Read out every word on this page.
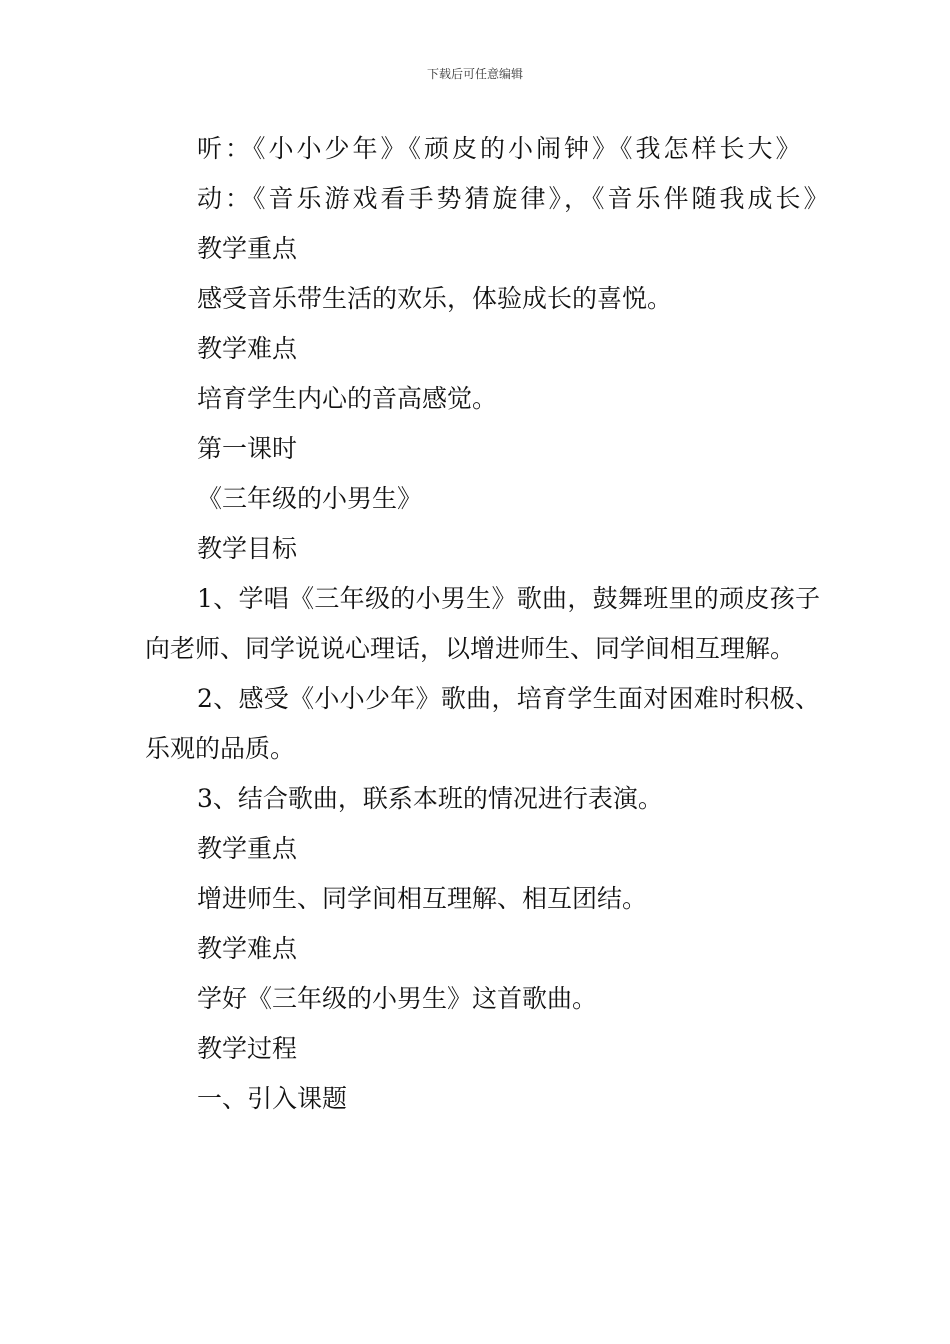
下载后可任意编辑

听：《小小少年》《顽皮的小闹钟》《我怎样长大》

动：《音乐游戏看手势猜旋律》，《音乐伴随我成长》

教学重点

感受音乐带生活的欢乐，体验成长的喜悦。

教学难点

培育学生内心的音高感觉。

第一课时

《三年级的小男生》

教学目标

1、学唱《三年级的小男生》歌曲，鼓舞班里的顽皮孩子向老师、同学说说心理话，以增进师生、同学间相互理解。

2、感受《小小少年》歌曲，培育学生面对困难时积极、乐观的品质。

3、结合歌曲，联系本班的情况进行表演。

教学重点

增进师生、同学间相互理解、相互团结。

教学难点

学好《三年级的小男生》这首歌曲。

教学过程

一、引入课题
